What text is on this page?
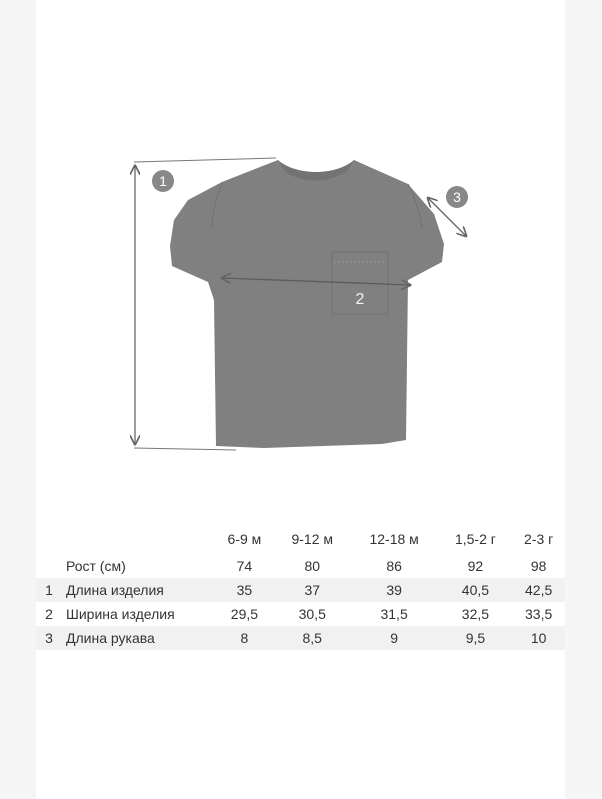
1
2
3
		6-9 м	9-12 м	12-18 м	1,5-2 г	2-3 г
	Рост (см)	74	80	86	92	98
1	Длина изделия	35	37	39	40,5	42,5
2	Ширина изделия	29,5	30,5	31,5	32,5	33,5
3	Длина рукава	8	8,5	9	9,5	10
